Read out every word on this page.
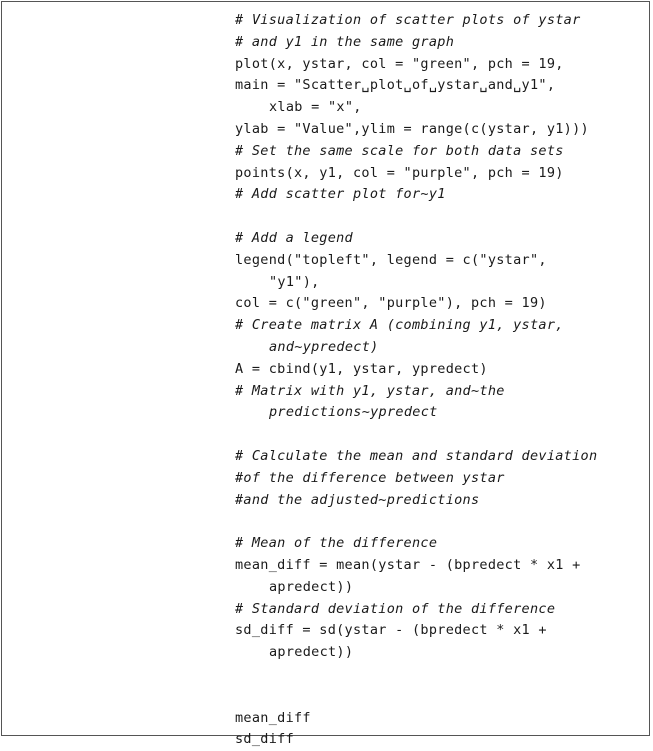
# Visualization of scatter plots of ystar
# and y1 in the same graph
plot(x, ystar, col = "green", pch = 19,
main = "Scatter␣plot␣of␣ystar␣and␣y1",
xlab = "x",
ylab = "Value",ylim = range(c(ystar, y1)))
# Set the same scale for both data sets
points(x, y1, col = "purple", pch = 19)
# Add scatter plot for~y1
# Add a legend
legend("topleft", legend = c("ystar",
"y1"),
col = c("green", "purple"), pch = 19)
# Create matrix A (combining y1, ystar,
and~ypredect)
A = cbind(y1, ystar, ypredect)
# Matrix with y1, ystar, and~the
predictions~ypredect
# Calculate the mean and standard deviation
#of the difference between ystar
#and the adjusted~predictions
# Mean of the difference
mean_diff = mean(ystar - (bpredect * x1 +
apredect))
# Standard deviation of the difference
sd_diff = sd(ystar - (bpredect * x1 +
apredect))
mean_diff
sd_diff
